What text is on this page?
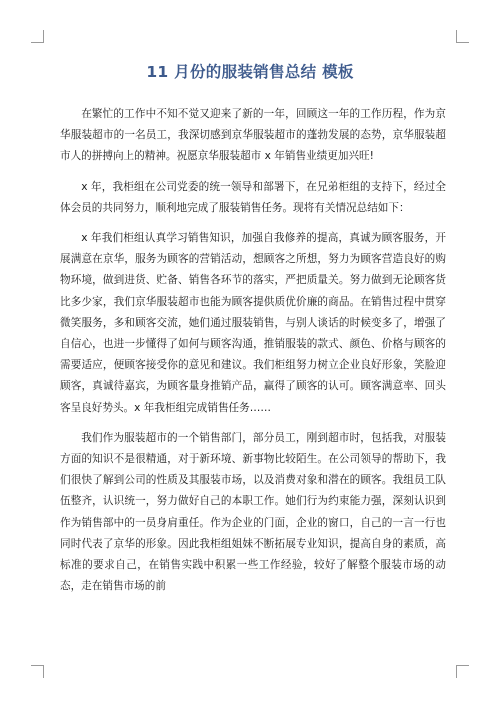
11 月份的服装销售总结 模板

在繁忙的工作中不知不觉又迎来了新的一年，回顾这一年的工作历程，作为京华服装超市的一名员工，我深切感到京华服装超市的蓬勃发展的态势，京华服装超市人的拼搏向上的精神。祝愿京华服装超市 x 年销售业绩更加兴旺!

x 年，我柜组在公司党委的统一领导和部署下，在兄弟柜组的支持下，经过全体会员的共同努力，顺利地完成了服装销售任务。现将有关情况总结如下：

x 年我们柜组认真学习销售知识，加强自我修养的提高，真诚为顾客服务，开展满意在京华，服务为顾客的营销活动，想顾客之所想，努力为顾客营造良好的购物环境，做到进货、贮备、销售各环节的落实，严把质量关。努力做到无论顾客货比多少家，我们京华服装超市也能为顾客提供质优价廉的商品。在销售过程中贯穿微笑服务，多和顾客交流，她们通过服装销售，与别人谈话的时候变多了，增强了自信心，也进一步懂得了如何与顾客沟通，推销服装的款式、颜色、价格与顾客的需要适应，便顾客接受你的意见和建议。我们柜组努力树立企业良好形象，笑脸迎顾客，真诚待嘉宾，为顾客量身推销产品，赢得了顾客的认可。顾客满意率、回头客呈良好势头。x 年我柜组完成销售任务……

我们作为服装超市的一个销售部门，部分员工，刚到超市时，包括我，对服装方面的知识不是很精通，对于新环境、新事物比较陌生。在公司领导的帮助下，我们很快了解到公司的性质及其服装市场，以及消费对象和潜在的顾客。我组员工队伍整齐，认识统一，努力做好自己的本职工作。她们行为约束能力强，深刻认识到作为销售部中的一员身肩重任。作为企业的门面，企业的窗口，自己的一言一行也同时代表了京华的形象。因此我柜组姐妹不断拓展专业知识，提高自身的素质，高标准的要求自己，在销售实践中积累一些工作经验，较好了解整个服装市场的动态，走在销售市场的前
